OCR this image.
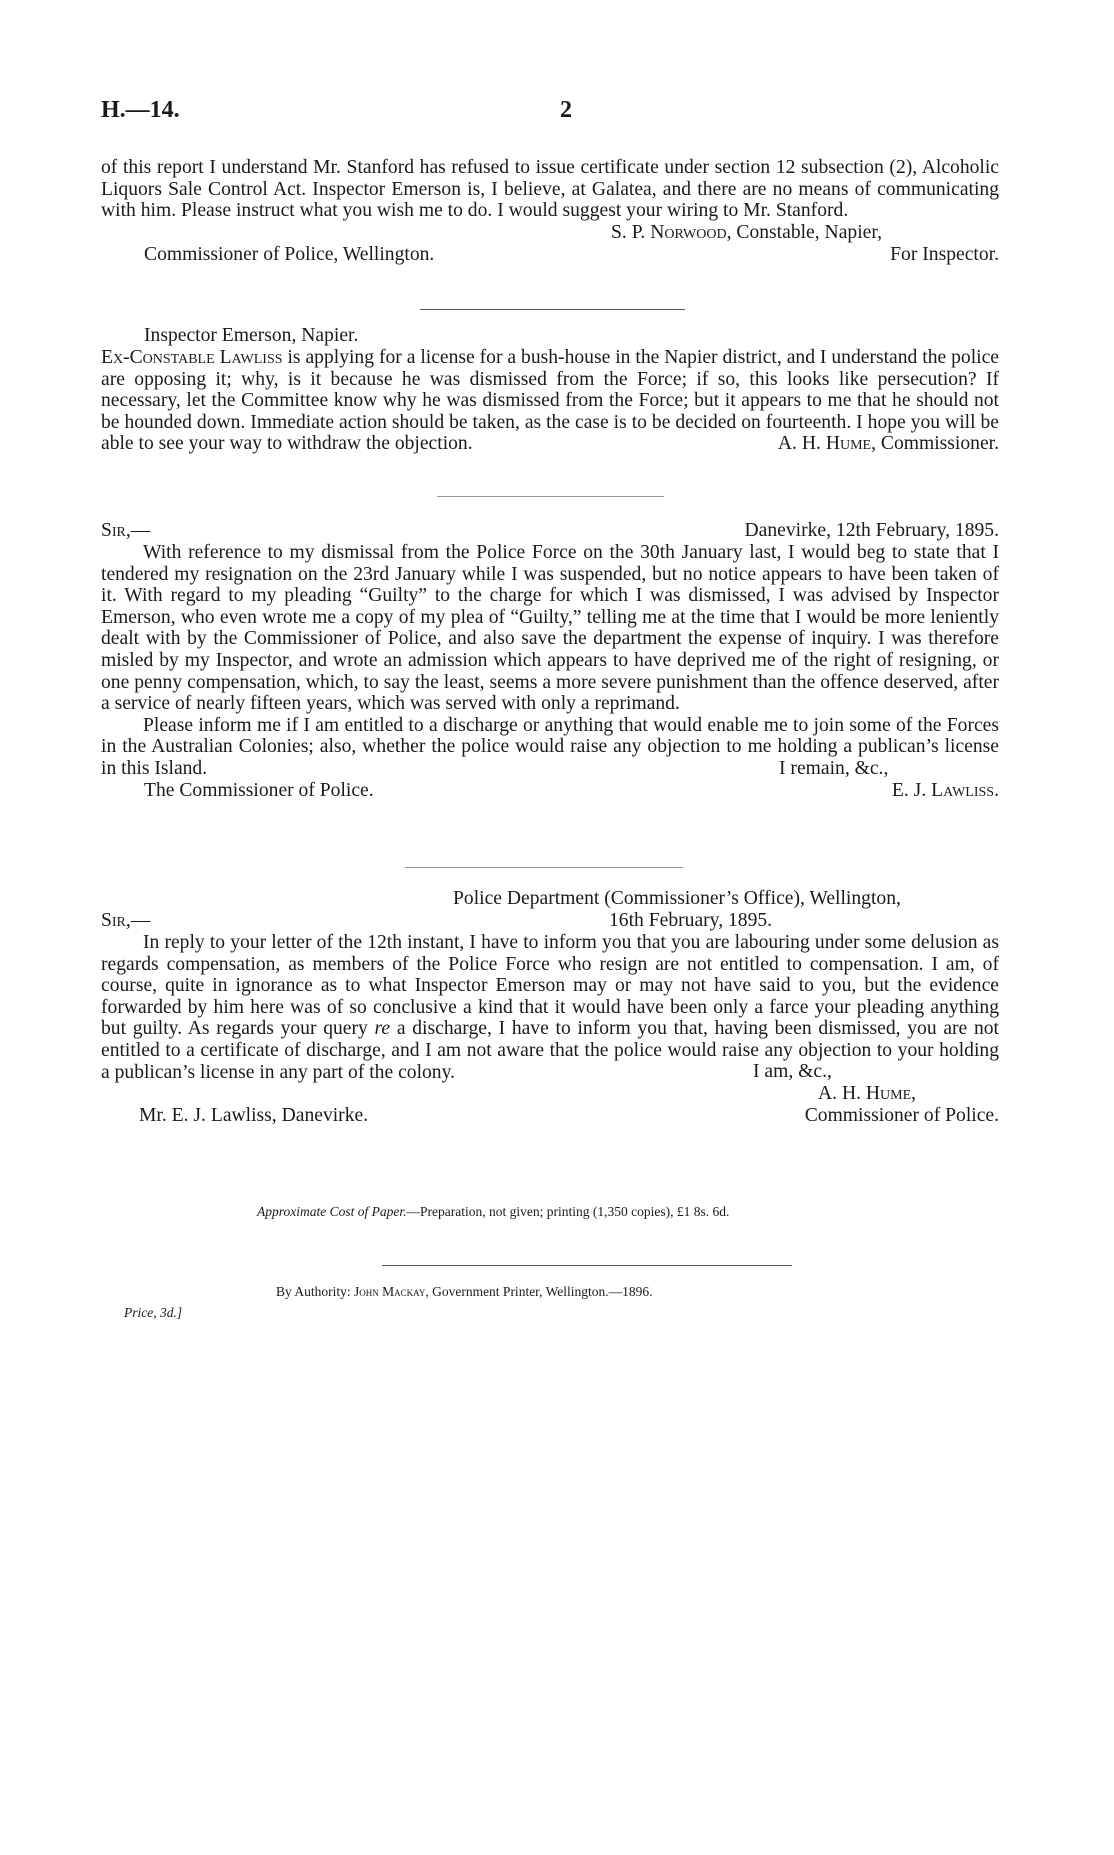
H.—14.	2

of this report I understand Mr. Stanford has refused to issue certificate under section 12 subsection (2), Alcoholic Liquors Sale Control Act. Inspector Emerson is, I believe, at Galatea, and there are no means of communicating with him. Please instruct what you wish me to do. I would suggest your wiring to Mr. Stanford.

S. P. Norwood, Constable, Napier,
Commissioner of Police, Wellington.	For Inspector.
Inspector Emerson, Napier.

Ex-Constable Lawliss is applying for a license for a bush-house in the Napier district, and I understand the police are opposing it; why, is it because he was dismissed from the Force; if so, this looks like persecution? If necessary, let the Committee know why he was dismissed from the Force; but it appears to me that he should not be hounded down. Immediate action should be taken, as the case is to be decided on fourteenth. I hope you will be able to see your way to withdraw the objection.	A. H. Hume, Commissioner.
Sir,—	Danevirke, 12th February, 1895.

With reference to my dismissal from the Police Force on the 30th January last, I would beg to state that I tendered my resignation on the 23rd January while I was suspended, but no notice appears to have been taken of it. With regard to my pleading “Guilty” to the charge for which I was dismissed, I was advised by Inspector Emerson, who even wrote me a copy of my plea of “Guilty,” telling me at the time that I would be more leniently dealt with by the Commissioner of Police, and also save the department the expense of inquiry. I was therefore misled by my Inspector, and wrote an admission which appears to have deprived me of the right of resigning, or one penny compensation, which, to say the least, seems a more severe punishment than the offence deserved, after a service of nearly fifteen years, which was served with only a reprimand.

Please inform me if I am entitled to a discharge or anything that would enable me to join some of the Forces in the Australian Colonies; also, whether the police would raise any objection to me holding a publican’s license in this Island.	I remain, &c.,
The Commissioner of Police.	E. J. Lawliss.
Police Department (Commissioner’s Office), Wellington,
Sir,—	16th February, 1895.

In reply to your letter of the 12th instant, I have to inform you that you are labouring under some delusion as regards compensation, as members of the Police Force who resign are not entitled to compensation. I am, of course, quite in ignorance as to what Inspector Emerson may or may not have said to you, but the evidence forwarded by him here was of so conclusive a kind that it would have been only a farce your pleading anything but guilty. As regards your query re a discharge, I have to inform you that, having been dismissed, you are not entitled to a certificate of discharge, and I am not aware that the police would raise any objection to your holding a publican’s license in any part of the colony.	I am, &c.,
A. H. Hume,
Mr. E. J. Lawliss, Danevirke.	Commissioner of Police.
Approximate Cost of Paper.—Preparation, not given; printing (1,350 copies), £1 8s. 6d.
By Authority: John Mackay, Government Printer, Wellington.—1896.
Price, 3d.]
